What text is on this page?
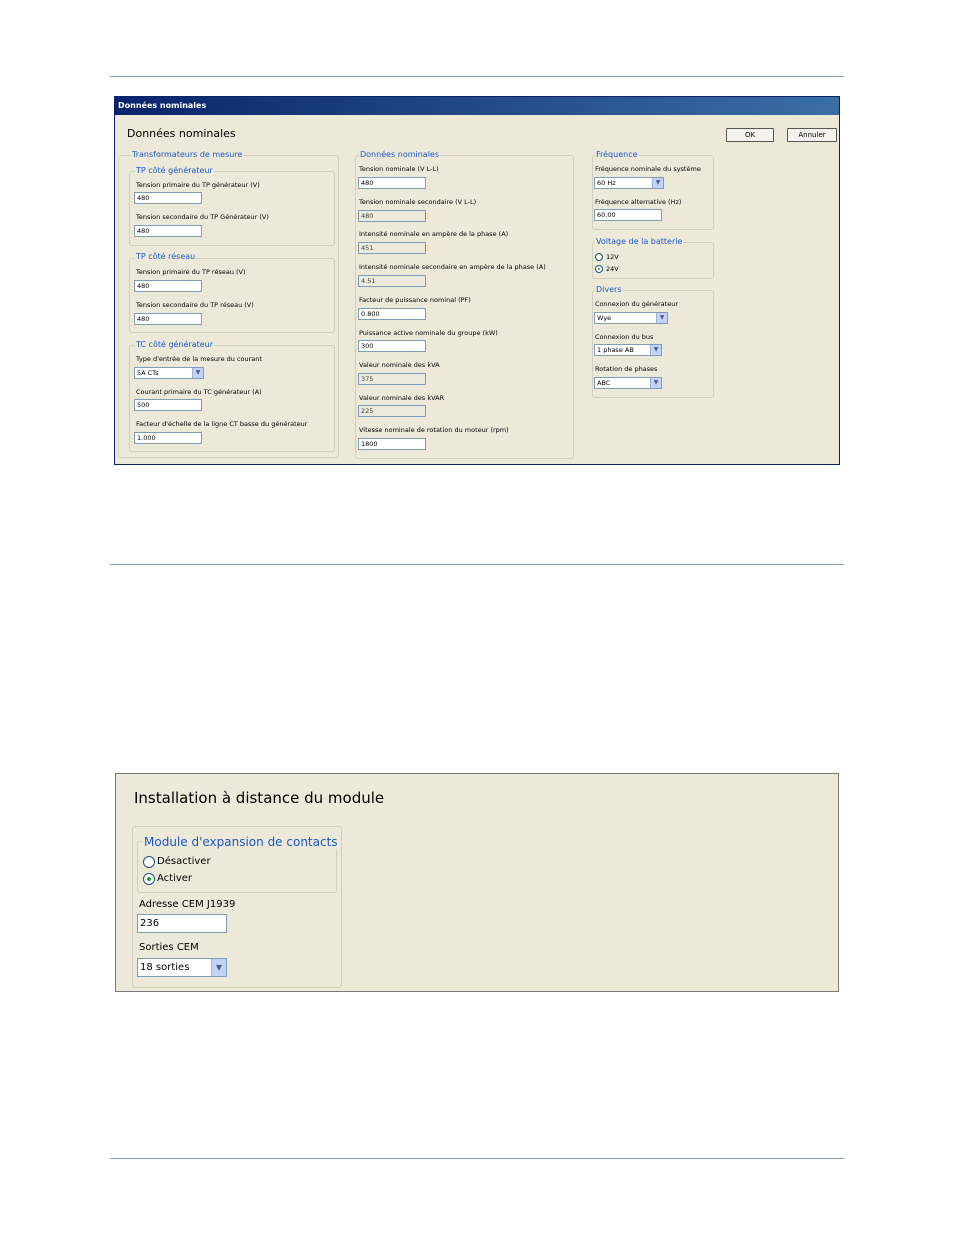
Données nominales
Données nominales	OK	Annuler
Transformateurs de mesure
TP côté générateur
Tension primaire du TP générateur (V)
480
Tension secondaire du TP Générateur (V)
480
TP côté réseau
Tension primaire du TP réseau (V)
480
Tension secondaire du TP réseau (V)
480
TC côté générateur
Type d'entrée de la mesure du courant
5A CTs	▼
Courant primaire du TC générateur (A)
500
Facteur d'échelle de la ligne CT basse du générateur
1.000
Données nominales
Tension nominale (V L-L)
480
Tension nominale secondaire (V L-L)
480
Intensité nominale en ampère de la phase (A)
451
Intensité nominale secondaire en ampère de la phase (A)
4.51
Facteur de puissance nominal (PF)
0.800
Puissance active nominale du groupe (kW)
300
Valeur nominale des kVA
375
Valeur nominale des kVAR
225
Vitesse nominale de rotation du moteur (rpm)
1800
Fréquence
Fréquence nominale du système
60 Hz	▼
Fréquence alternative (Hz)
60.00
Voltage de la batterie
12V
24V
Divers
Connexion du générateur
Wye	▼
Connexion du bus
1 phase AB	▼
Rotation de phases
ABC	▼
Installation à distance du module
Module d'expansion de contacts
Désactiver
Activer
Adresse CEM J1939
236
Sorties CEM
18 sorties	▼
